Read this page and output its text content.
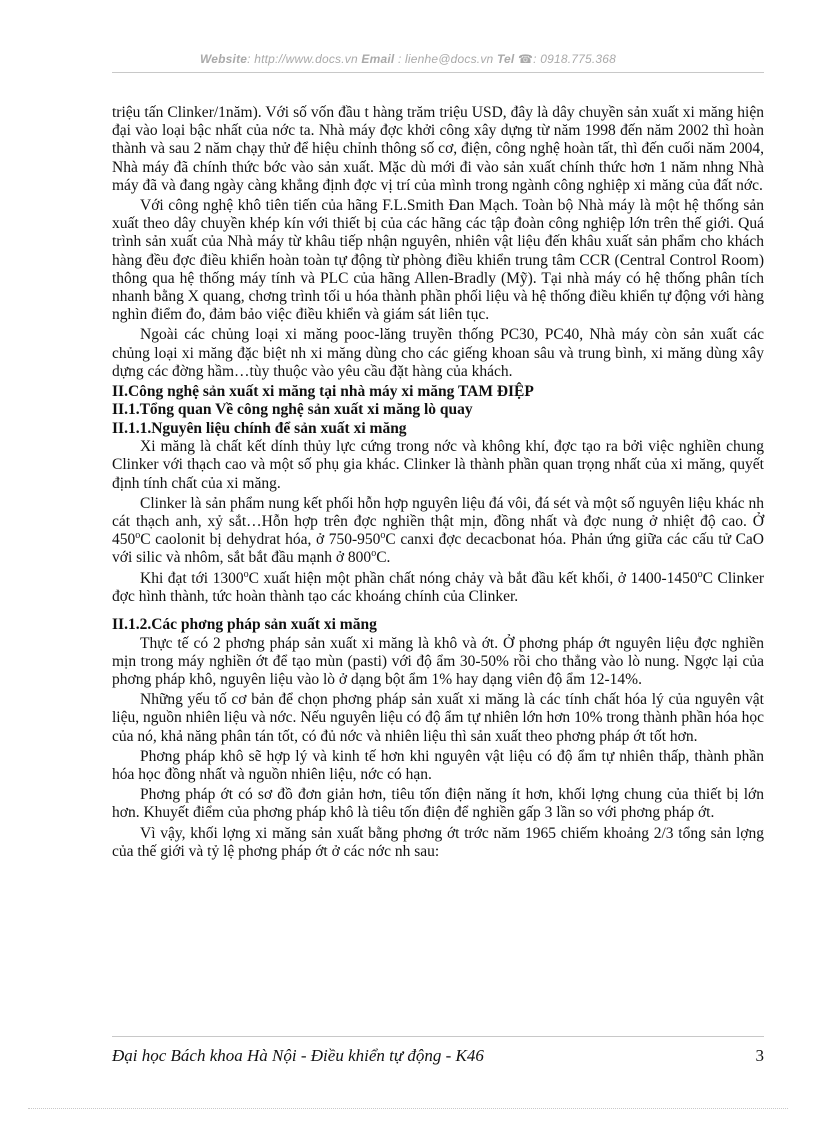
Website: http://www.docs.vn Email : lienhe@docs.vn Tel ☎: 0918.775.368

triệu tấn Clinker/1năm). Với số vốn đầu t hàng trăm triệu USD, đây là dây chuyền sản xuất xi măng hiện đại vào loại bậc nhất của nớc ta. Nhà máy đợc khởi công xây dựng từ năm 1998 đến năm 2002 thì hoàn thành và sau 2 năm chạy thử để hiệu chỉnh thông số cơ, điện, công nghệ hoàn tất, thì đến cuối năm 2004, Nhà máy đã chính thức bớc vào sản xuất. Mặc dù mới đi vào sản xuất chính thức hơn 1 năm nhng Nhà máy đã và đang ngày càng khẳng định đợc vị trí của mình trong ngành công nghiệp xi măng của đất nớc.

Với công nghệ khô tiên tiến của hãng F.L.Smith Đan Mạch. Toàn bộ Nhà máy là một hệ thống sản xuất theo dây chuyền khép kín với thiết bị của các hãng các tập đoàn công nghiệp lớn trên thế giới. Quá trình sản xuất của Nhà máy từ khâu tiếp nhận nguyên, nhiên vật liệu đến khâu xuất sản phẩm cho khách hàng đều đợc điều khiển hoàn toàn tự động từ phòng điều khiển trung tâm CCR (Central Control Room) thông qua hệ thống máy tính và PLC của hãng Allen-Bradly (Mỹ). Tại nhà máy có hệ thống phân tích nhanh bằng X quang, chơng trình tối u hóa thành phần phối liệu và hệ thống điều khiển tự động với hàng nghìn điểm đo, đảm bảo việc điều khiển và giám sát liên tục.

Ngoài các chủng loại xi măng pooc-lăng truyền thống PC30, PC40, Nhà máy còn sản xuất các chủng loại xi măng đặc biệt nh xi măng dùng cho các giếng khoan sâu và trung bình, xi măng dùng xây dựng các đờng hầm…tùy thuộc vào yêu cầu đặt hàng của khách.

II.Công nghệ sản xuất xi măng tại nhà máy xi măng TAM ĐIỆP
II.1.Tổng quan Về công nghệ sản xuất xi măng lò quay
II.1.1.Nguyên liệu chính để sản xuất xi măng

Xi măng là chất kết dính thủy lực cứng trong nớc và không khí, đợc tạo ra bởi việc nghiền chung Clinker với thạch cao và một số phụ gia khác. Clinker là thành phần quan trọng nhất của xi măng, quyết định tính chất của xi măng.

Clinker là sản phẩm nung kết phối hỗn hợp nguyên liệu đá vôi, đá sét và một số nguyên liệu khác nh cát thạch anh, xỷ sắt…Hỗn hợp trên đợc nghiền thật mịn, đồng nhất và đợc nung ở nhiệt độ cao. Ở 450$^o$C caolonit bị dehydrat hóa, ở 750-950$^o$C canxi đợc decacbonat hóa. Phản ứng giữa các cấu tử CaO với silic và nhôm, sắt bắt đầu mạnh ở 800$^o$C.

Khi đạt tới 1300$^o$C xuất hiện một phần chất nóng chảy và bắt đầu kết khối, ở 1400-1450$^o$C Clinker đợc hình thành, tức hoàn thành tạo các khoáng chính của Clinker.

II.1.2.Các phơng pháp sản xuất xi măng

Thực tế có 2 phơng pháp sản xuất xi măng là khô và ớt. Ở phơng pháp ớt nguyên liệu đợc nghiền mịn trong máy nghiền ớt để tạo mùn (pasti) với độ ẩm 30-50% rồi cho thẳng vào lò nung. Ngợc lại của phơng pháp khô, nguyên liệu vào lò ở dạng bột ẩm 1% hay dạng viên độ ẩm 12-14%.

Những yếu tố cơ bản để chọn phơng pháp sản xuất xi măng là các tính chất hóa lý của nguyên vật liệu, nguồn nhiên liệu và nớc. Nếu nguyên liệu có độ ẩm tự nhiên lớn hơn 10% trong thành phần hóa học của nó, khả năng phân tán tốt, có đủ nớc và nhiên liệu thì sản xuất theo phơng pháp ớt tốt hơn.

Phơng pháp khô sẽ hợp lý và kinh tế hơn khi nguyên vật liệu có độ ẩm tự nhiên thấp, thành phần hóa học đồng nhất và nguồn nhiên liệu, nớc có hạn.

Phơng pháp ớt có sơ đồ đơn giản hơn, tiêu tốn điện năng ít hơn, khối lợng chung của thiết bị lớn hơn. Khuyết điểm của phơng pháp khô là tiêu tốn điện để nghiền gấp 3 lần so với phơng pháp ớt.

Vì vậy, khối lợng xi măng sản xuất bằng phơng ớt trớc năm 1965 chiếm khoảng 2/3 tổng sản lợng của thế giới và tỷ lệ phơng pháp ớt ở các nớc nh sau:

Đại học Bách khoa Hà Nội - Điều khiển tự động - K46	3
